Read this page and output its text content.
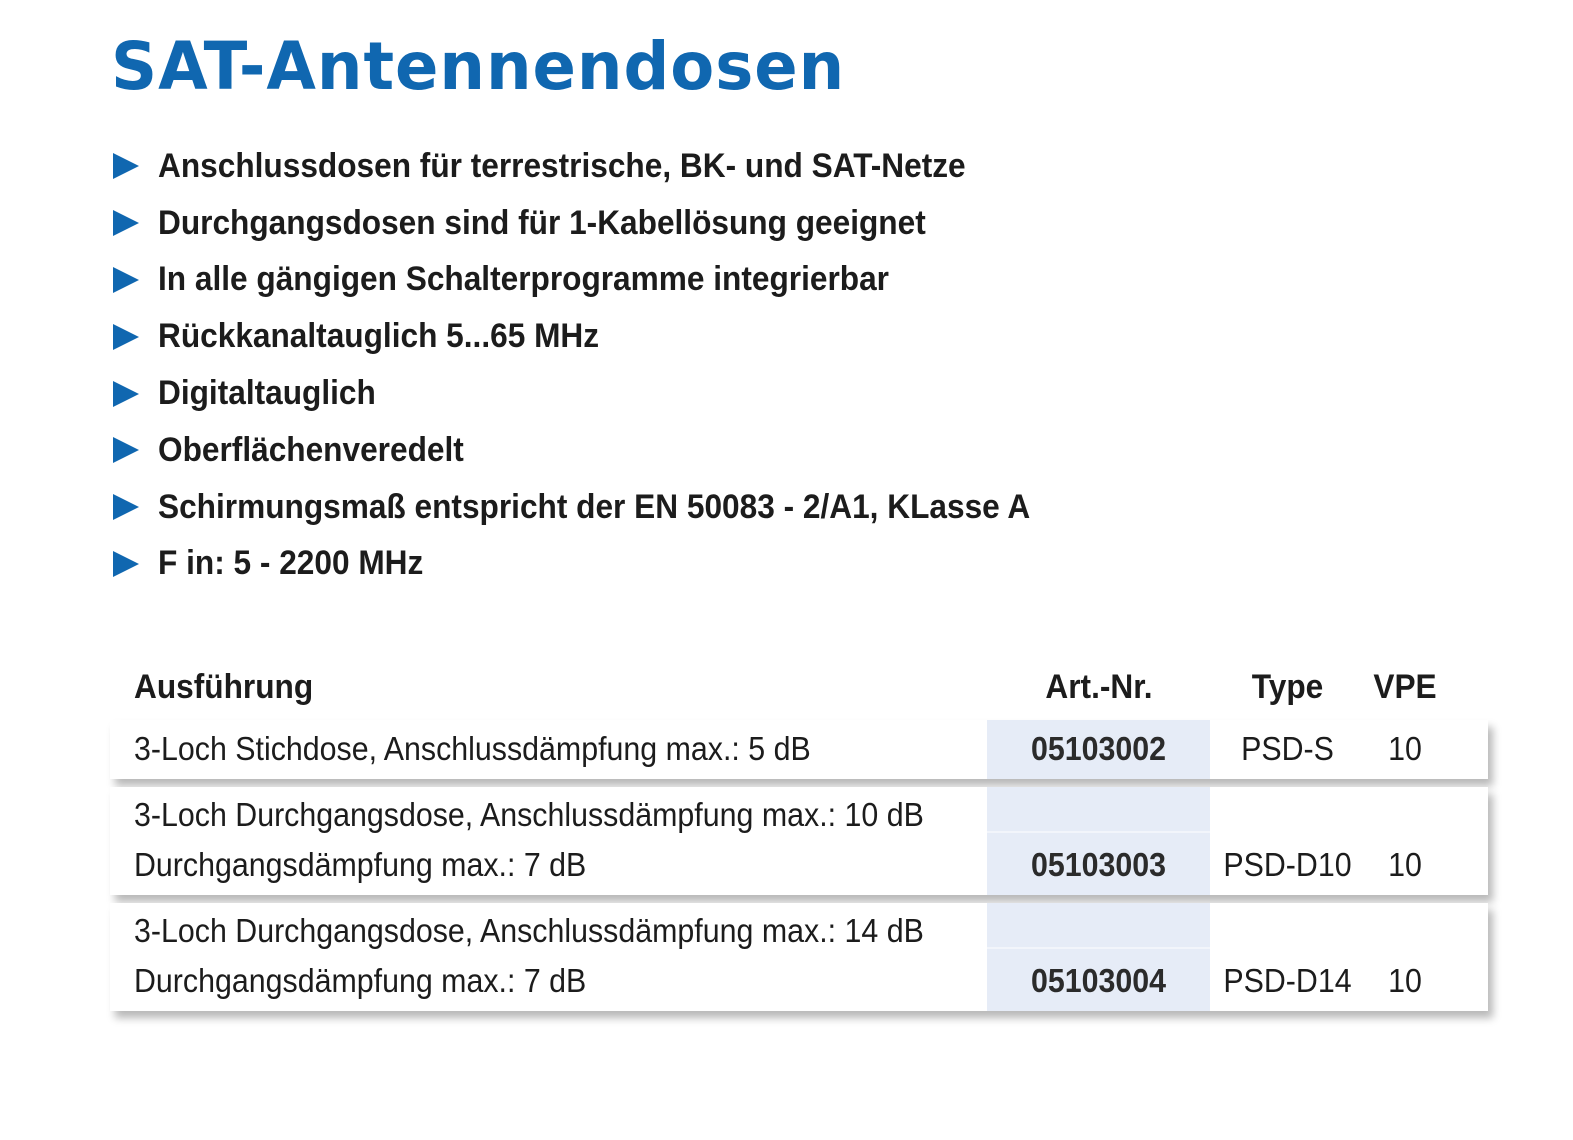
SAT-Antennendosen
Anschlussdosen für terrestrische, BK- und SAT-Netze
Durchgangsdosen sind für 1-Kabellösung geeignet
In alle gängigen Schalterprogramme integrierbar
Rückkanaltauglich 5...65 MHz
Digitaltauglich
Oberflächenveredelt
Schirmungsmaß entspricht der EN 50083 - 2/A1, KLasse A
F in: 5 - 2200 MHz
Ausführung	Art.-Nr.	Type	VPE
3-Loch Stichdose, Anschlussdämpfung max.: 5 dB	05103002	PSD-S	10
3-Loch Durchgangsdose, Anschlussdämpfung max.: 10 dB
Durchgangsdämpfung max.: 7 dB	05103003	PSD-D10	10
3-Loch Durchgangsdose, Anschlussdämpfung max.: 14 dB
Durchgangsdämpfung max.: 7 dB	05103004	PSD-D14	10
